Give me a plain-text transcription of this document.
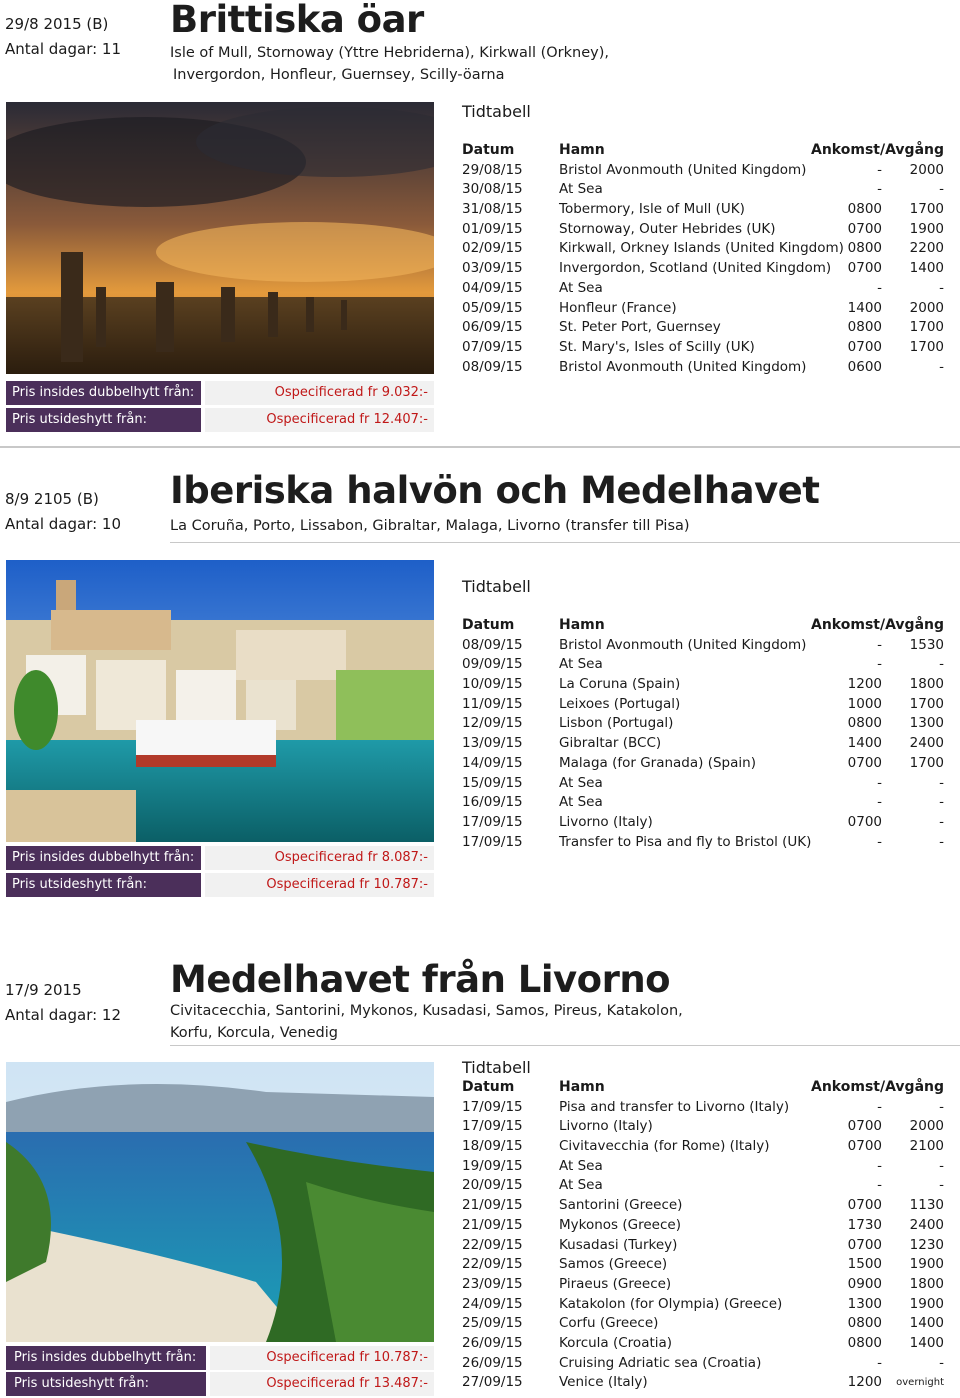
29/8 2015 (B)
Antal dagar: 11
Brittiska öar
Isle of Mull, Stornoway (Yttre Hebriderna), Kirkwall (Orkney),
Invergordon, Honfleur, Guernsey, Scilly-öarna
Pris insides dubbelhytt från:	Ospecificerad fr 9.032:-
Pris utsideshytt från:	Ospecificerad fr 12.407:-
Tidtabell
Datum	Hamn	Ankomst/Avgång
29/08/15	Bristol Avonmouth (United Kingdom)	-	2000
30/08/15	At Sea	-	-
31/08/15	Tobermory, Isle of Mull (UK)	0800	1700
01/09/15	Stornoway, Outer Hebrides (UK)	0700	1900
02/09/15	Kirkwall, Orkney Islands (United Kingdom) 0800	2200
03/09/15	Invergordon, Scotland (United Kingdom)	0700	1400
04/09/15	At Sea	-	-
05/09/15	Honfleur (France)	1400	2000
06/09/15	St. Peter Port, Guernsey	0800	1700
07/09/15	St. Mary's, Isles of Scilly (UK)	0700	1700
08/09/15	Bristol Avonmouth (United Kingdom)	0600	-
8/9 2105 (B)
Antal dagar: 10
Iberiska halvön och Medelhavet
La Coruña, Porto, Lissabon, Gibraltar, Malaga, Livorno (transfer till Pisa)
Pris insides dubbelhytt från:	Ospecificerad fr 8.087:-
Pris utsideshytt från:	Ospecificerad fr 10.787:-
Tidtabell
Datum	Hamn	Ankomst/Avgång
08/09/15	Bristol Avonmouth (United Kingdom)	-	1530
09/09/15	At Sea	-	-
10/09/15	La Coruna (Spain)	1200	1800
11/09/15	Leixoes (Portugal)	1000	1700
12/09/15	Lisbon (Portugal)	0800	1300
13/09/15	Gibraltar (BCC)	1400	2400
14/09/15	Malaga (for Granada) (Spain)	0700	1700
15/09/15	At Sea	-	-
16/09/15	At Sea	-	-
17/09/15	Livorno (Italy)	0700	-
17/09/15	Transfer to Pisa and fly to Bristol (UK)	-	-
17/9 2015
Antal dagar: 12
Medelhavet från Livorno
Civitacecchia, Santorini, Mykonos, Kusadasi, Samos, Pireus, Katakolon,
Korfu, Korcula, Venedig
Pris insides dubbelhytt från:	Ospecificerad fr 10.787:-
Pris utsideshytt från:	Ospecificerad fr 13.487:-
Tidtabell
Datum	Hamn	Ankomst/Avgång
17/09/15	Pisa and transfer to Livorno (Italy)	-	-
17/09/15	Livorno (Italy)	0700	2000
18/09/15	Civitavecchia (for Rome) (Italy)	0700	2100
19/09/15	At Sea	-	-
20/09/15	At Sea	-	-
21/09/15	Santorini (Greece)	0700	1130
21/09/15	Mykonos (Greece)	1730	2400
22/09/15	Kusadasi (Turkey)	0700	1230
22/09/15	Samos (Greece)	1500	1900
23/09/15	Piraeus (Greece)	0900	1800
24/09/15	Katakolon (for Olympia) (Greece)	1300	1900
25/09/15	Corfu (Greece)	0800	1400
26/09/15	Korcula (Croatia)	0800	1400
26/09/15	Cruising Adriatic sea (Croatia)	-	-
27/09/15	Venice (Italy)	1200	overnight
